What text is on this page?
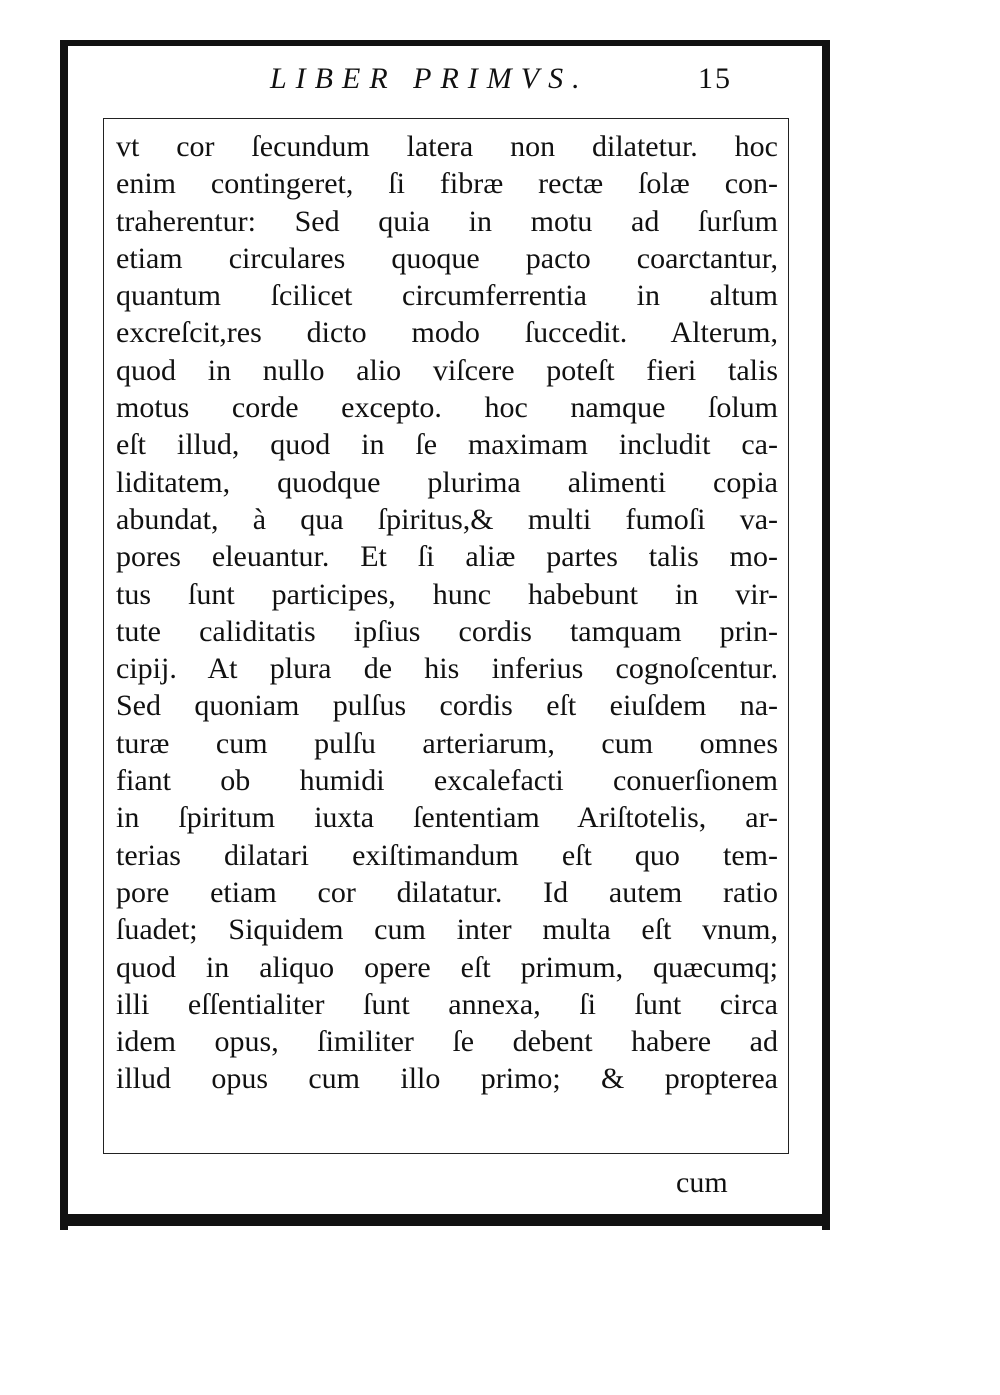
LIBER PRIMVS.	15
vt cor ſecundum latera non dilatetur. hoc
enim contingeret, ſi fibræ rectæ ſolæ con-
traherentur: Sed quia in motu ad ſurſum
etiam circulares quoque pacto coarctantur,
quantum ſcilicet circumferrentia in altum
excreſcit,res dicto modo ſuccedit. Alterum,
quod in nullo alio viſcere poteſt fieri talis
motus corde excepto. hoc namque ſolum
eſt illud, quod in ſe maximam includit ca-
liditatem, quodque plurima alimenti copia
abundat, à qua ſpiritus,& multi fumoſi va-
pores eleuantur. Et ſi aliæ partes talis mo-
tus ſunt participes, hunc habebunt in vir-
tute caliditatis ipſius cordis tamquam prin-
cipij. At plura de his inferius cognoſcentur.
Sed quoniam pulſus cordis eſt eiuſdem na-
turæ cum pulſu arteriarum, cum omnes
fiant ob humidi excalefacti conuerſionem
in ſpiritum iuxta ſententiam Ariſtotelis, ar-
terias dilatari exiſtimandum eſt quo tem-
pore etiam cor dilatatur. Id autem ratio
ſuadet; Siquidem cum inter multa eſt vnum,
quod in aliquo opere eſt primum, quæcumq;
illi eſſentialiter ſunt annexa, ſi ſunt circa
idem opus, ſimiliter ſe debent habere ad
illud opus cum illo primo; & propterea
cum
